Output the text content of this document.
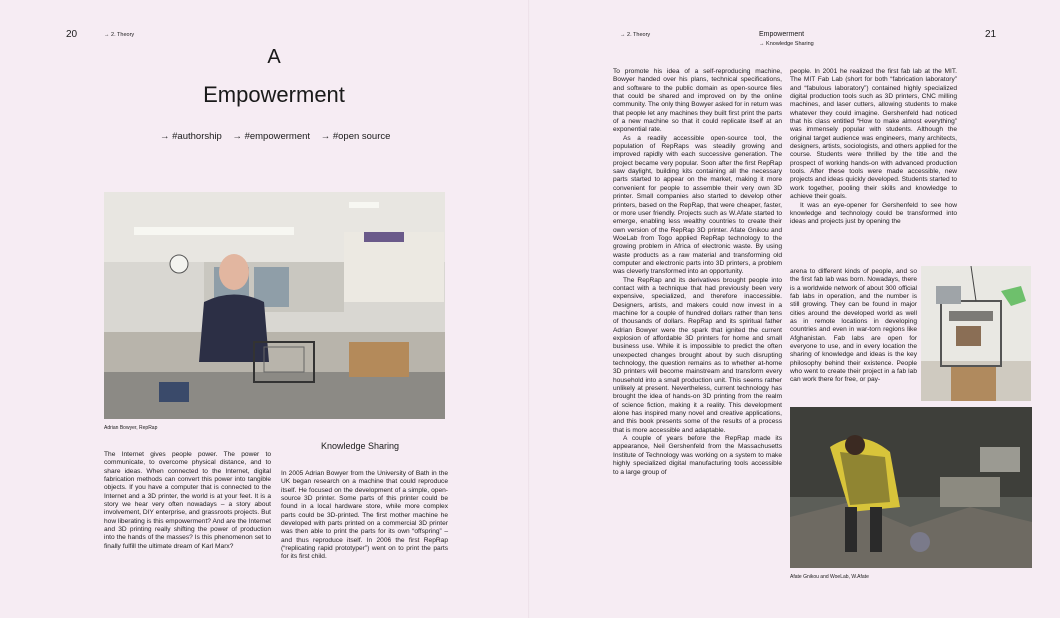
20	→ 2. Theory
A
Empowerment
→ #authorship → #empowerment → #open source
Adrian Bowyer, RepRap
Knowledge Sharing

The Internet gives people power. The power to communicate, to overcome physical distance, and to share ideas. When connected to the Internet, digital fabrication methods can convert this power into tangible objects. If you have a computer that is connected to the Internet and a 3D printer, the world is at your feet. It is a story we hear very often nowadays – a story about involvement, DIY enterprise, and grassroots projects. But how liberating is this empowerment? And are the Internet and 3D printing really shifting the power of production into the hands of the masses? Is this phenomenon set to finally fulfill the ultimate dream of Karl Marx?

In 2005 Adrian Bowyer from the University of Bath in the UK began research on a machine that could reproduce itself. He focused on the development of a simple, open-source 3D printer. Some parts of this printer could be found in a local hardware store, while more complex parts could be 3D-printed. The first mother machine he developed with parts printed on a commercial 3D printer was then able to print the parts for its own “offspring” – and thus reproduce itself. In 2006 the first RepRap (“replicating rapid prototyper”) went on to print the parts for its first child.

→ 2. Theory	Empowerment
→ Knowledge Sharing
21

To promote his idea of a self-reproducing machine, Bowyer handed over his plans, technical specifications, and software to the public domain as open-source files that could be shared and improved on by the online community. The only thing Bowyer asked for in return was that people let any machines they built first print the parts of a new machine so that it could replicate itself at an exponential rate.

As a readily accessible open-source tool, the population of RepRaps was steadily growing and improved rapidly with each successive generation. The project became very popular. Soon after the first RepRap saw daylight, building kits containing all the necessary parts started to appear on the market, making it more convenient for people to assemble their very own 3D printer. Small companies also started to develop other printers, based on the RepRap, that were cheaper, faster, or more user friendly. Projects such as W.Afate started to emerge, enabling less wealthy countries to create their own version of the RepRap 3D printer. Afate Gnikou and WoeLab from Togo applied RepRap technology to the growing problem in Africa of electronic waste. By using waste products as a raw material and transforming old computer and electronic parts into 3D printers, a problem was cleverly transformed into an opportunity.

The RepRap and its derivatives brought people into contact with a technique that had previously been very expensive, specialized, and therefore inaccessible. Designers, artists, and makers could now invest in a machine for a couple of hundred dollars rather than tens of thousands of dollars. RepRap and its spiritual father Adrian Bowyer were the spark that ignited the current explosion of affordable 3D printers for home and small business use. While it is impossible to predict the often unexpected changes brought about by such disrupting technology, the question remains as to whether at-home 3D printers will become mainstream and transform every household into a small production unit. This seems rather unlikely at present. Nevertheless, current technology has brought the idea of hands-on 3D printing from the realm of science fiction, making it a reality. This development alone has inspired many novel and creative applications, and this book presents some of the results of a process that is more accessible and adaptable.

A couple of years before the RepRap made its appearance, Neil Gershenfeld from the Massachusetts Institute of Technology was working on a system to make highly specialized digital manufacturing tools accessible to a large group of

people. In 2001 he realized the first fab lab at the MIT. The MIT Fab Lab (short for both “fabrication laboratory” and “fabulous laboratory”) contained highly specialized digital production tools such as 3D printers, CNC milling machines, and laser cutters, allowing students to make whatever they could imagine. Gershenfeld had noticed that his class entitled “How to make almost everything” was immensely popular with students. Although the original target audience was engineers, many architects, designers, artists, sociologists, and others applied for the course. Students were thrilled by the title and the prospect of working hands-on with advanced production tools. After these tools were made accessible, new projects and ideas quickly developed. Students started to work together, pooling their skills and knowledge to achieve their goals.

It was an eye-opener for Gershenfeld to see how knowledge and technology could be transformed into ideas and projects just by opening the

arena to different kinds of people, and so the first fab lab was born. Nowadays, there is a worldwide network of about 300 official fab labs in operation, and the number is still growing. They can be found in major cities around the developed world as well as in remote locations in developing countries and even in war-torn regions like Afghanistan. Fab labs are open for everyone to use, and in every location the sharing of knowledge and ideas is the key philosophy behind their existence. People who went to create their project in a fab lab can work there for free, or pay-

Afate Gnikou and WoeLab, W.Afate
